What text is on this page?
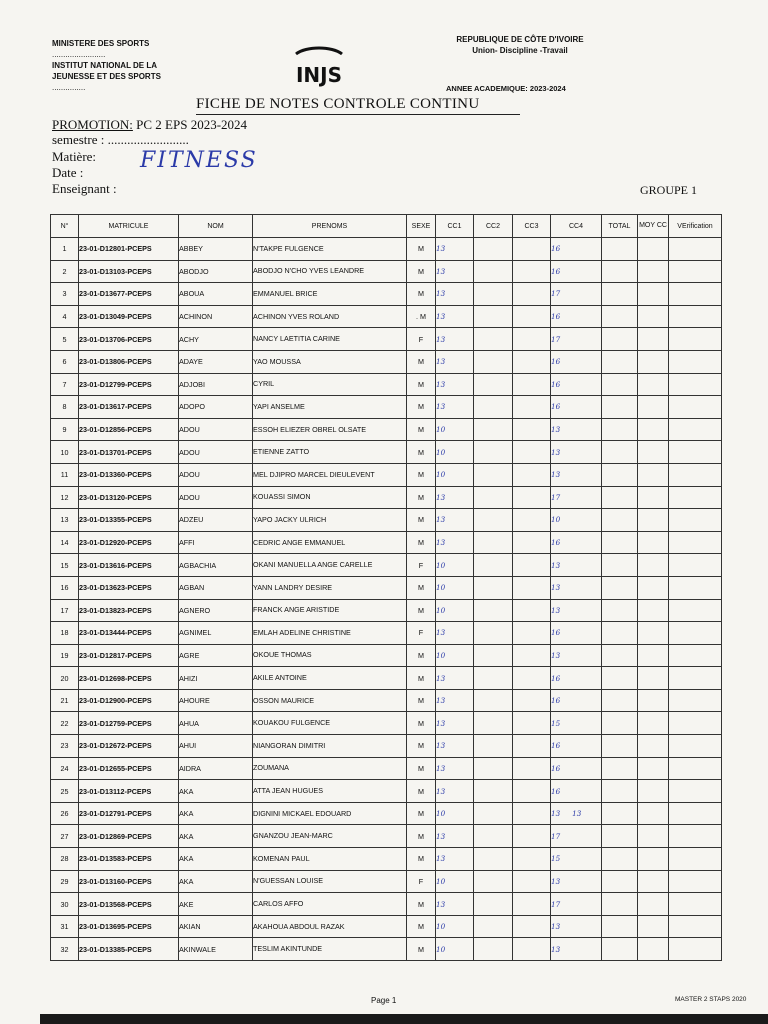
MINISTERE DES SPORTS
........................
INSTITUT NATIONAL DE LA
JEUNESSE ET DES SPORTS
...............
INJS
REPUBLIQUE DE CÔTE D'IVOIRE
Union- Discipline -Travail
ANNEE ACADEMIQUE: 2023-2024
FICHE DE NOTES CONTROLE CONTINU
PROMOTION: PC 2 EPS 2023-2024
semestre : .........................
Matière: FITNESS
Date :
Enseignant :	GROUPE 1
N°	MATRICULE	NOM	PRENOMS	SEXE	CC1	CC2	CC3	CC4	TOTAL	MOY CC	VErification
1	23-01-D12801-PCEPS	ABBEY	N'TAKPE FULGENCE	M	13			16			
2	23-01-D13103-PCEPS	ABODJO	ABODJO N'CHO YVES LEANDRE	M	13			16			
3	23-01-D13677-PCEPS	ABOUA	EMMANUEL BRICE	M	13			17			
4	23-01-D13049-PCEPS	ACHINON	ACHINON YVES ROLAND	. M	13			16			
5	23-01-D13706-PCEPS	ACHY	NANCY LAETITIA CARINE	F	13			17			
6	23-01-D13806-PCEPS	ADAYE	YAO MOUSSA	M	13			16			
7	23-01-D12799-PCEPS	ADJOBI	CYRIL	M	13			16			
8	23-01-D13617-PCEPS	ADOPO	YAPI ANSELME	M	13			16			
9	23-01-D12856-PCEPS	ADOU	ESSOH ELIEZER OBREL OLSATE	M	10			13			
10	23-01-D13701-PCEPS	ADOU	ETIENNE ZATTO	M	10			13			
11	23-01-D13360-PCEPS	ADOU	MEL DJIPRO MARCEL DIEULEVENT	M	10			13			
12	23-01-D13120-PCEPS	ADOU	KOUASSI SIMON	M	13			17			
13	23-01-D13355-PCEPS	ADZEU	YAPO JACKY ULRICH	M	13			10			
14	23-01-D12920-PCEPS	AFFI	CEDRIC ANGE EMMANUEL	M	13			16			
15	23-01-D13616-PCEPS	AGBACHIA	OKANI MANUELLA ANGE CARELLE	F	10			13			
16	23-01-D13623-PCEPS	AGBAN	YANN LANDRY DESIRE	M	10			13			
17	23-01-D13823-PCEPS	AGNERO	FRANCK ANGE ARISTIDE	M	10			13			
18	23-01-D13444-PCEPS	AGNIMEL	EMLAH ADELINE CHRISTINE	F	13			16			
19	23-01-D12817-PCEPS	AGRE	OKOUE THOMAS	M	10			13			
20	23-01-D12698-PCEPS	AHIZI	AKILE ANTOINE	M	13			16			
21	23-01-D12900-PCEPS	AHOURE	OSSON MAURICE	M	13			16			
22	23-01-D12759-PCEPS	AHUA	KOUAKOU FULGENCE	M	13			15			
23	23-01-D12672-PCEPS	AHUI	NIANGORAN DIMITRI	M	13			16			
24	23-01-D12655-PCEPS	AIDRA	ZOUMANA	M	13			16			
25	23-01-D13112-PCEPS	AKA	ATTA JEAN HUGUES	M	13			16			
26	23-01-D12791-PCEPS	AKA	DIGNINI MICKAEL EDOUARD	M	10			13 13			
27	23-01-D12869-PCEPS	AKA	GNANZOU JEAN-MARC	M	13			17			
28	23-01-D13583-PCEPS	AKA	KOMENAN PAUL	M	13			15			
29	23-01-D13160-PCEPS	AKA	N'GUESSAN LOUISE	F	10			13			
30	23-01-D13568-PCEPS	AKE	CARLOS AFFO	M	13			17			
31	23-01-D13695-PCEPS	AKIAN	AKAHOUA ABDOUL RAZAK	M	10			13			
32	23-01-D13385-PCEPS	AKINWALE	TESLIM AKINTUNDE	M	10			13			
Page 1	MASTER 2 STAPS 2020
